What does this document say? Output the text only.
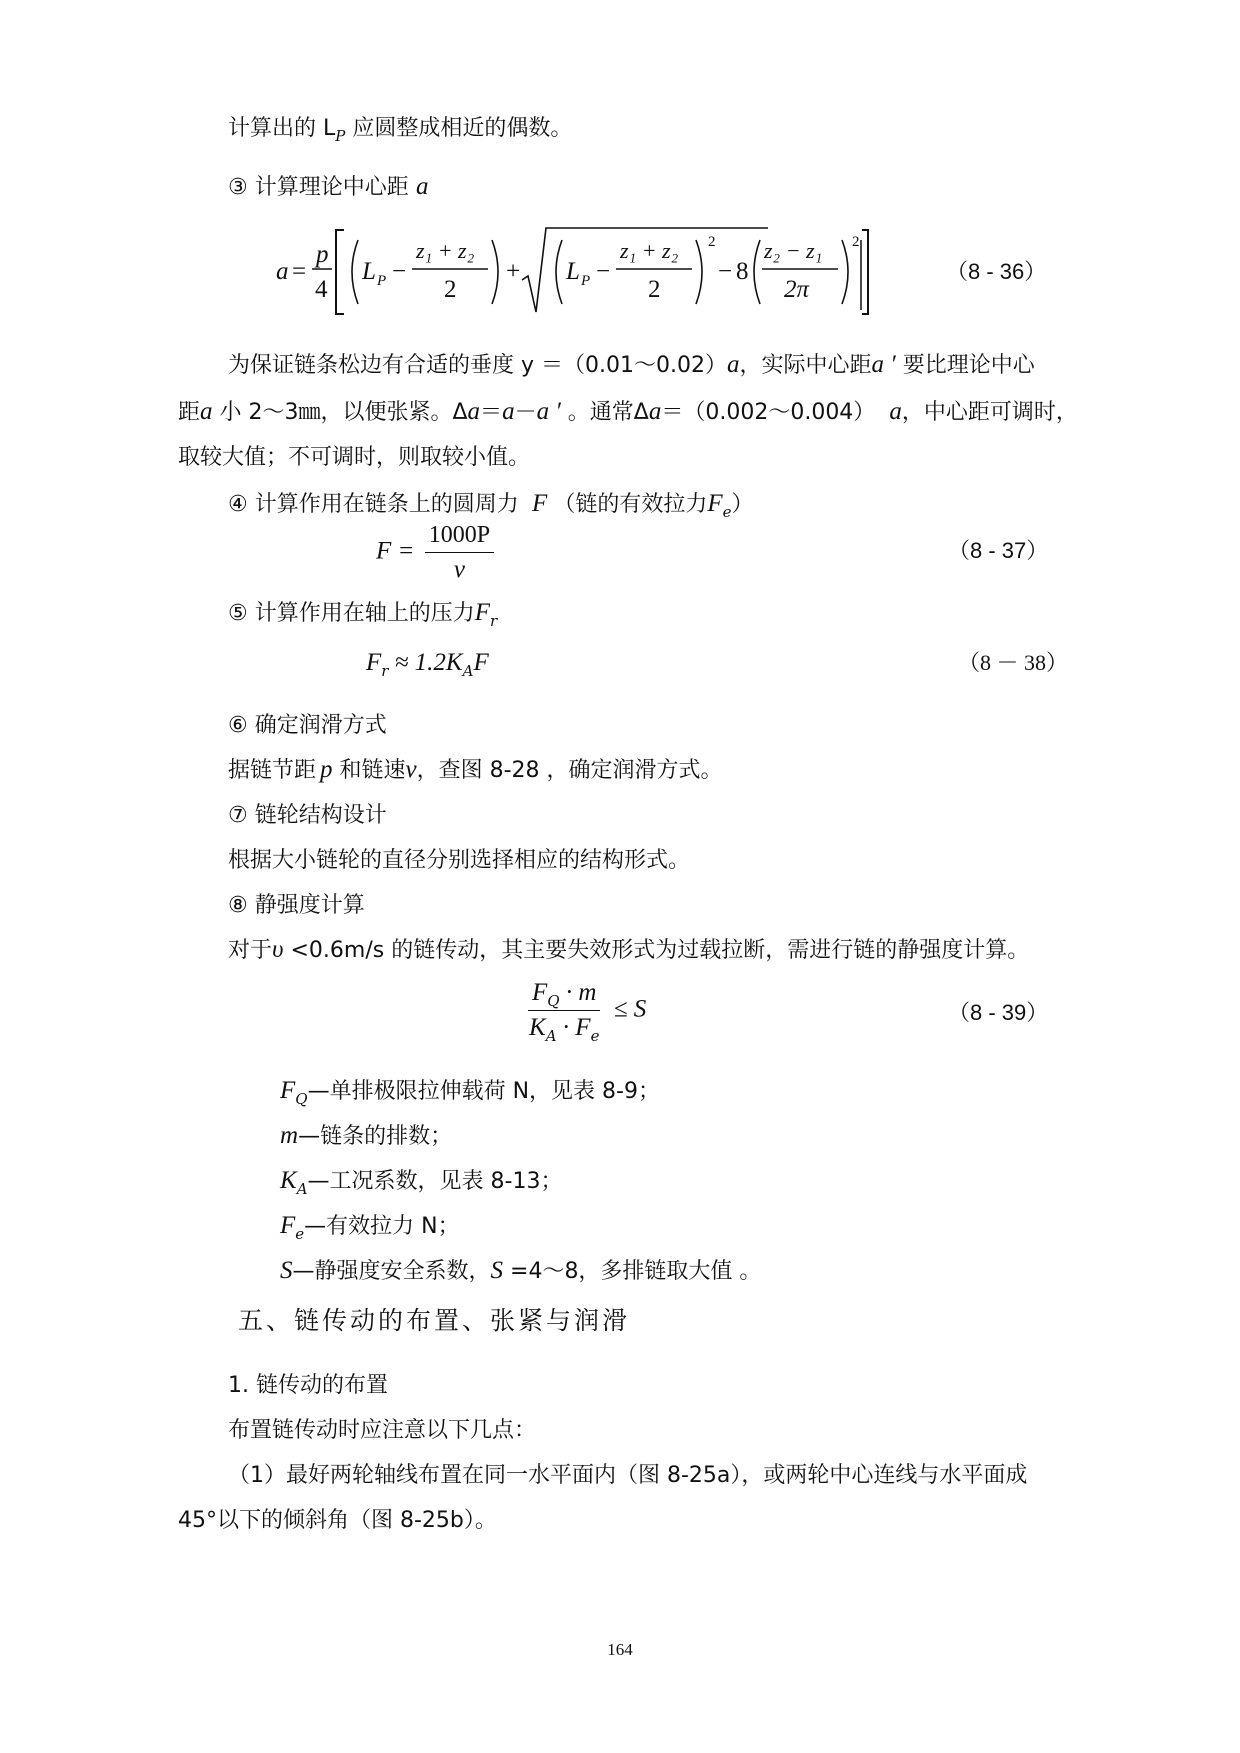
计算出的 $L_P$ 应圆整成相近的偶数。
③ 计算理论中心距 a
a =
p
4
L P −
z₁ + z₂
2
+ L P −
z₁ + z₂
2
2
− 8
z₂ − z₁
2π
2
（8 - 36）
为保证链条松边有合适的垂度 y ＝（0.01～0.02）a，实际中心距a ′ 要比理论中心
距a 小 2～3㎜，以便张紧。Δa＝a－a ′ 。通常Δa＝（0.002～0.004） a，中心距可调时，
取较大值；不可调时，则取较小值。
④ 计算作用在链条上的圆周力 F （链的有效拉力$F_e$）
$F = \frac{1000P}{v}$	（8 - 37）
⑤ 计算作用在轴上的压力$F_r$
$F_r \approx 1.2K_AF$	（8 － 38）
⑥ 确定润滑方式
据链节距 p 和链速v，查图 8-28 ，确定润滑方式。
⑦ 链轮结构设计
根据大小链轮的直径分别选择相应的结构形式。
⑧ 静强度计算
对于υ <0.6m/s 的链传动，其主要失效形式为过载拉断，需进行链的静强度计算。
$\frac{F_Q \cdot m}{K_A \cdot F_e} \le S$	（8 - 39）
$F_Q—$单排极限拉伸载荷 N，见表 8-9；
m—链条的排数；
$K_A—$工况系数，见表 8-13；
$F_e—$有效拉力 N；
S—静强度安全系数，S =4～8，多排链取大值 。
五、链传动的布置、张紧与润滑
1. 链传动的布置
布置链传动时应注意以下几点：
（1）最好两轮轴线布置在同一水平面内（图 8-25a），或两轮中心连线与水平面成
45°以下的倾斜角（图 8-25b）。
164
